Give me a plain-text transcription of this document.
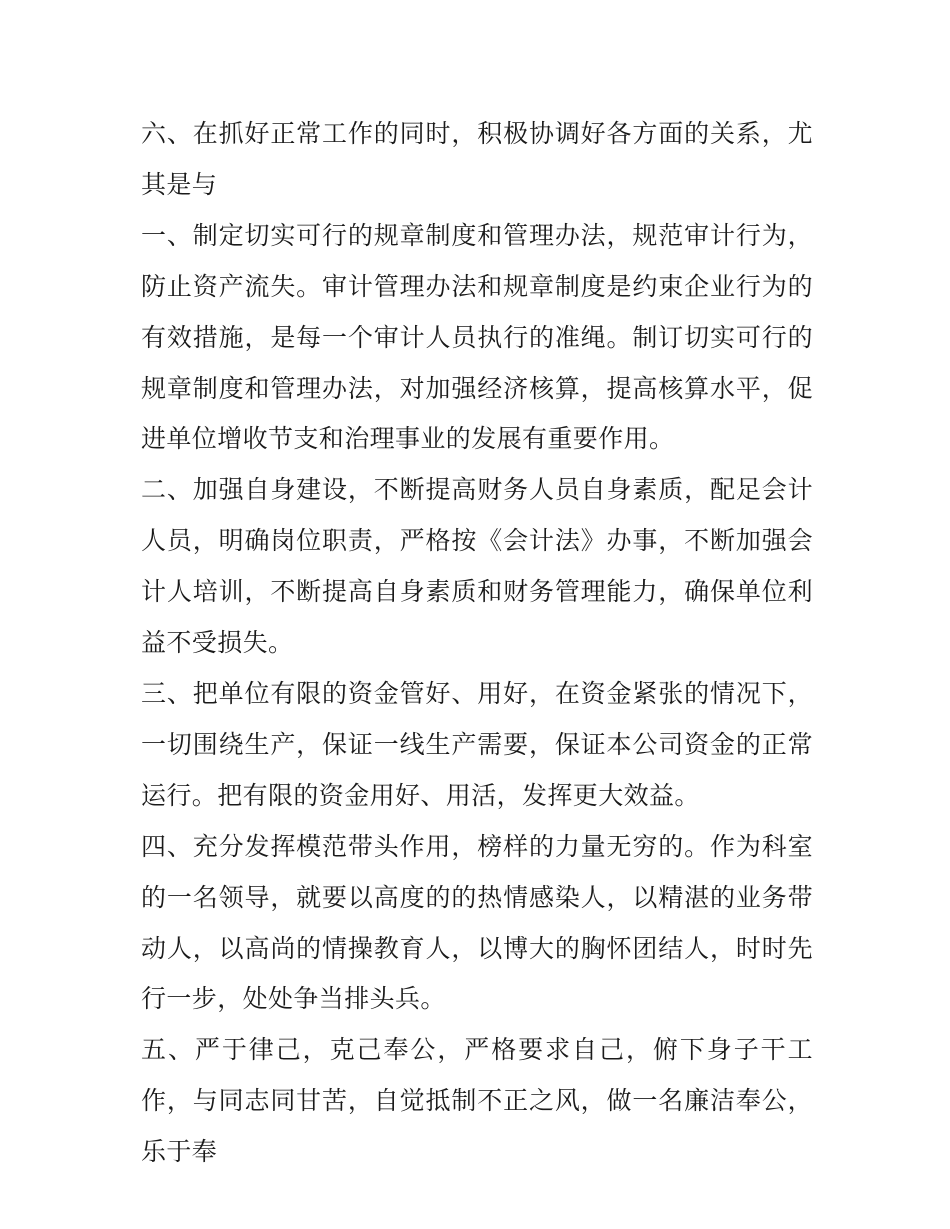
六、在抓好正常工作的同时，积极协调好各方面的关系，尤其是与

一、制定切实可行的规章制度和管理办法，规范审计行为，防止资产流失。审计管理办法和规章制度是约束企业行为的有效措施，是每一个审计人员执行的准绳。制订切实可行的规章制度和管理办法，对加强经济核算，提高核算水平，促进单位增收节支和治理事业的发展有重要作用。

二、加强自身建设，不断提高财务人员自身素质，配足会计人员，明确岗位职责，严格按《会计法》办事，不断加强会计人培训，不断提高自身素质和财务管理能力，确保单位利益不受损失。

三、把单位有限的资金管好、用好，在资金紧张的情况下，一切围绕生产，保证一线生产需要，保证本公司资金的正常运行。把有限的资金用好、用活，发挥更大效益。

四、充分发挥模范带头作用，榜样的力量无穷的。作为科室的一名领导，就要以高度的的热情感染人，以精湛的业务带动人，以高尚的情操教育人，以博大的胸怀团结人，时时先行一步，处处争当排头兵。

五、严于律己，克己奉公，严格要求自己，俯下身子干工作，与同志同甘苦，自觉抵制不正之风，做一名廉洁奉公，乐于奉
